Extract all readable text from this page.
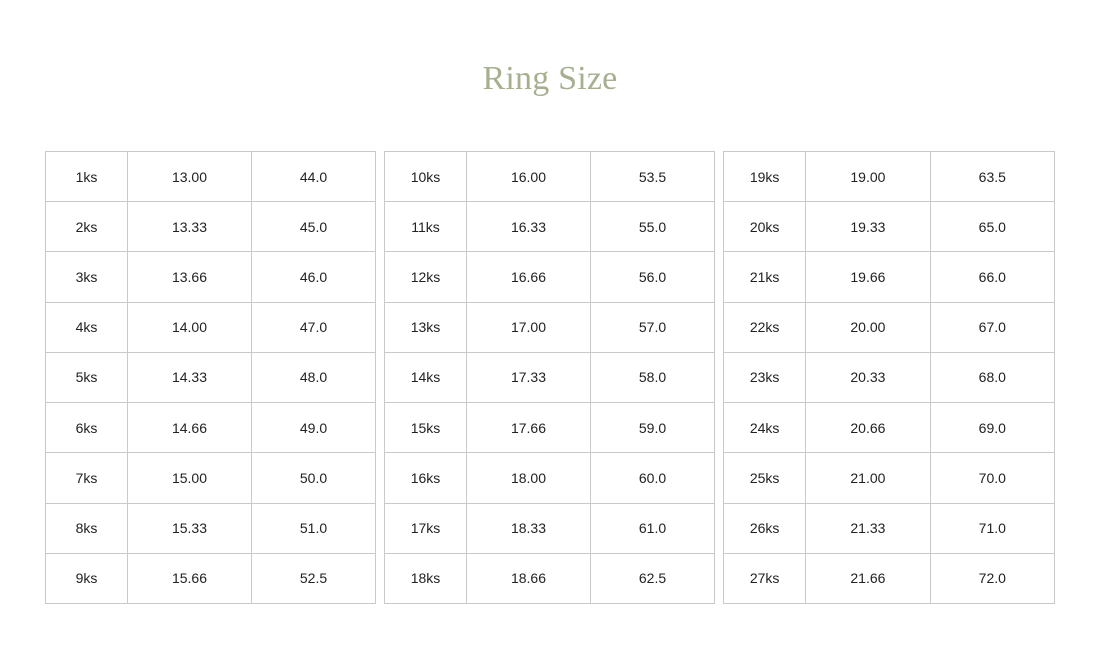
Ring Size
1ks	13.00	44.0
2ks	13.33	45.0
3ks	13.66	46.0
4ks	14.00	47.0
5ks	14.33	48.0
6ks	14.66	49.0
7ks	15.00	50.0
8ks	15.33	51.0
9ks	15.66	52.5
10ks	16.00	53.5
11ks	16.33	55.0
12ks	16.66	56.0
13ks	17.00	57.0
14ks	17.33	58.0
15ks	17.66	59.0
16ks	18.00	60.0
17ks	18.33	61.0
18ks	18.66	62.5
19ks	19.00	63.5
20ks	19.33	65.0
21ks	19.66	66.0
22ks	20.00	67.0
23ks	20.33	68.0
24ks	20.66	69.0
25ks	21.00	70.0
26ks	21.33	71.0
27ks	21.66	72.0
